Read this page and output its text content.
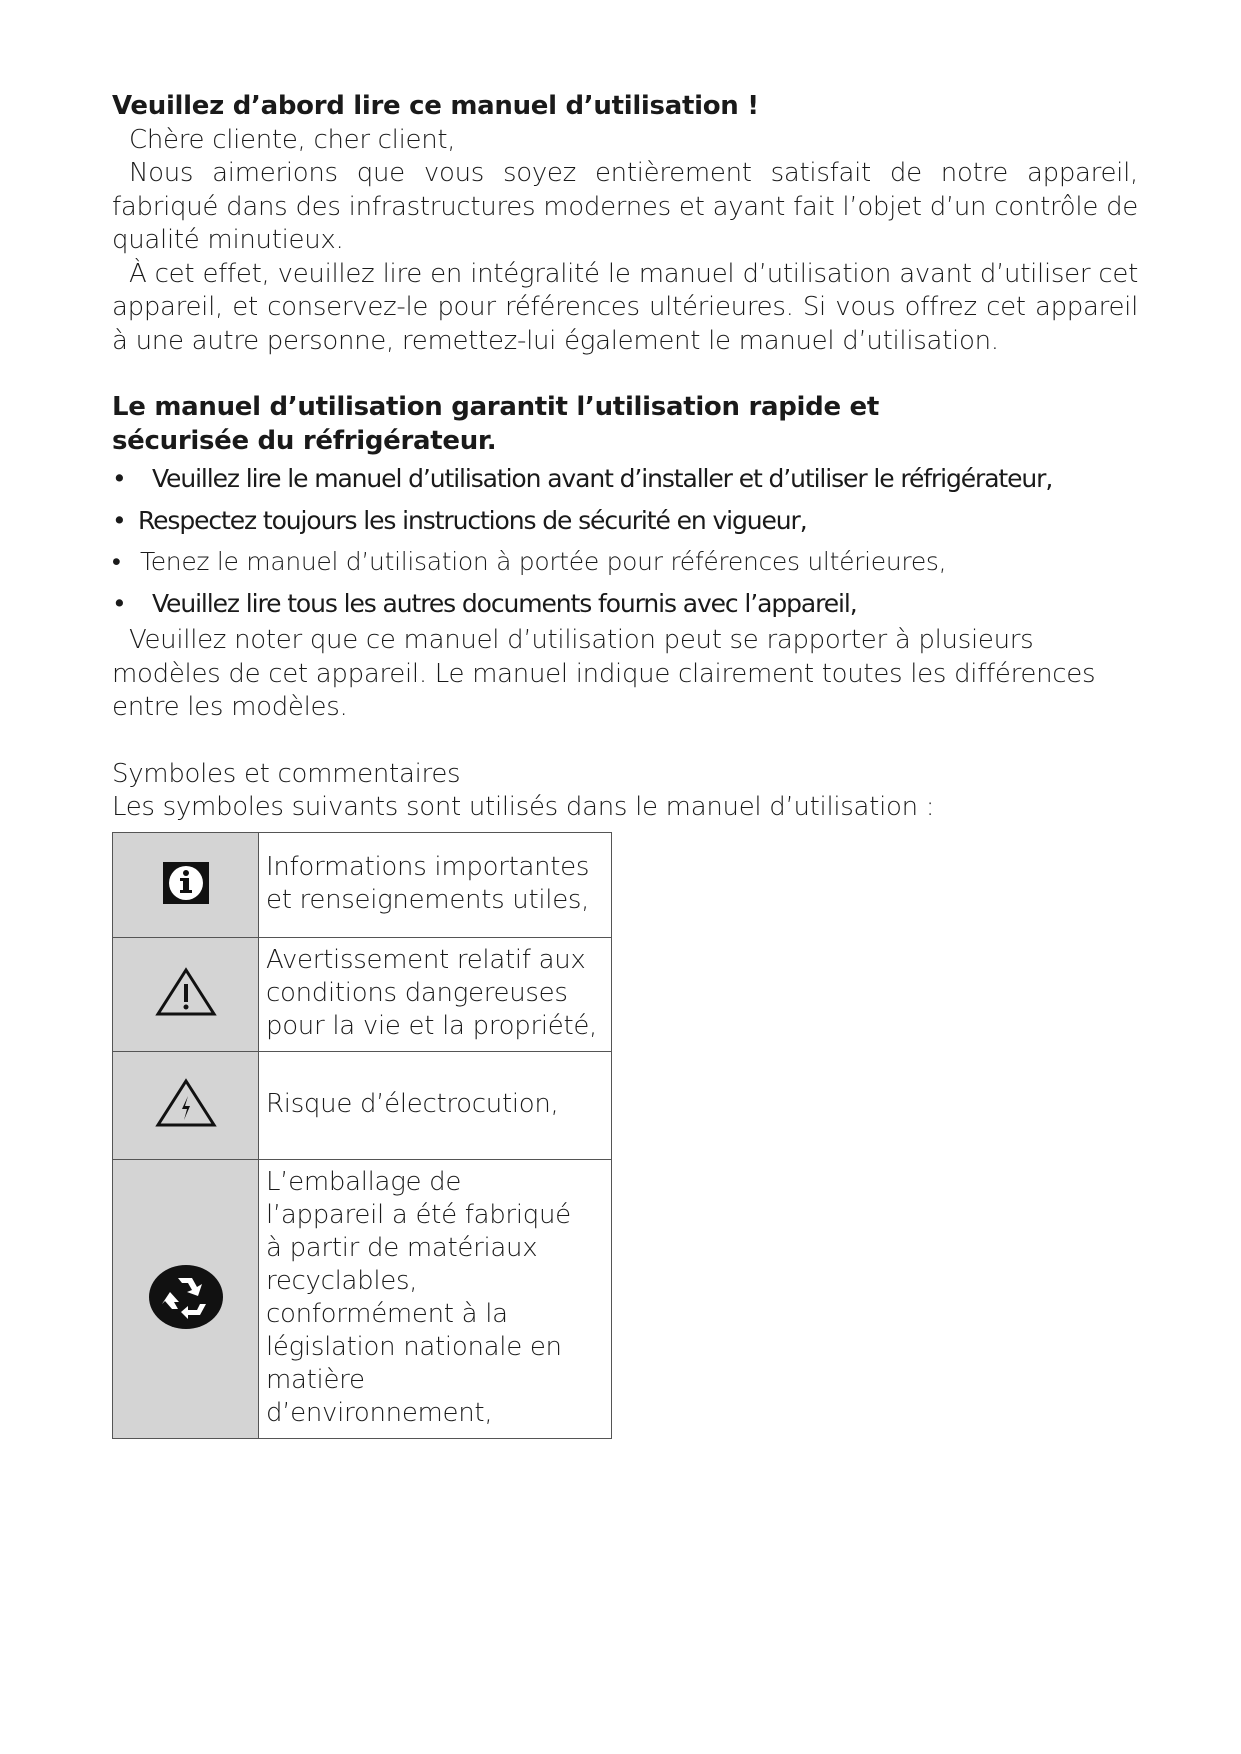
Veuillez d’abord lire ce manuel d’utilisation !

Chère cliente, cher client,

Nous aimerions que vous soyez entièrement satisfait de notre appareil, fabriqué dans des infrastructures modernes et ayant fait l’objet d’un contrôle de qualité minutieux.

À cet effet, veuillez lire en intégralité le manuel d’utilisation avant d’utiliser cet appareil, et conservez-le pour références ultérieures. Si vous offrez cet appareil à une autre personne, remettez-lui également le manuel d’utilisation.

Le manuel d’utilisation garantit l’utilisation rapide et sécurisée du réfrigérateur.
• Veuillez lire le manuel d’utilisation avant d’installer et d’utiliser le réfrigérateur,
• Respectez toujours les instructions de sécurité en vigueur,
• Tenez le manuel d’utilisation à portée pour références ultérieures,
• Veuillez lire tous les autres documents fournis avec l’appareil,

Veuillez noter que ce manuel d’utilisation peut se rapporter à plusieurs modèles de cet appareil. Le manuel indique clairement toutes les différences entre les modèles.

Symboles et commentaires

Les symboles suivants sont utilisés dans le manuel d’utilisation :

	Informations importantes et renseignements utiles,
	Avertissement relatif aux conditions dangereuses pour la vie et la propriété,
	Risque d’électrocution,
	L’emballage de l’appareil a été fabriqué à partir de matériaux recyclables, conformément à la législation nationale en matière d’environnement,
